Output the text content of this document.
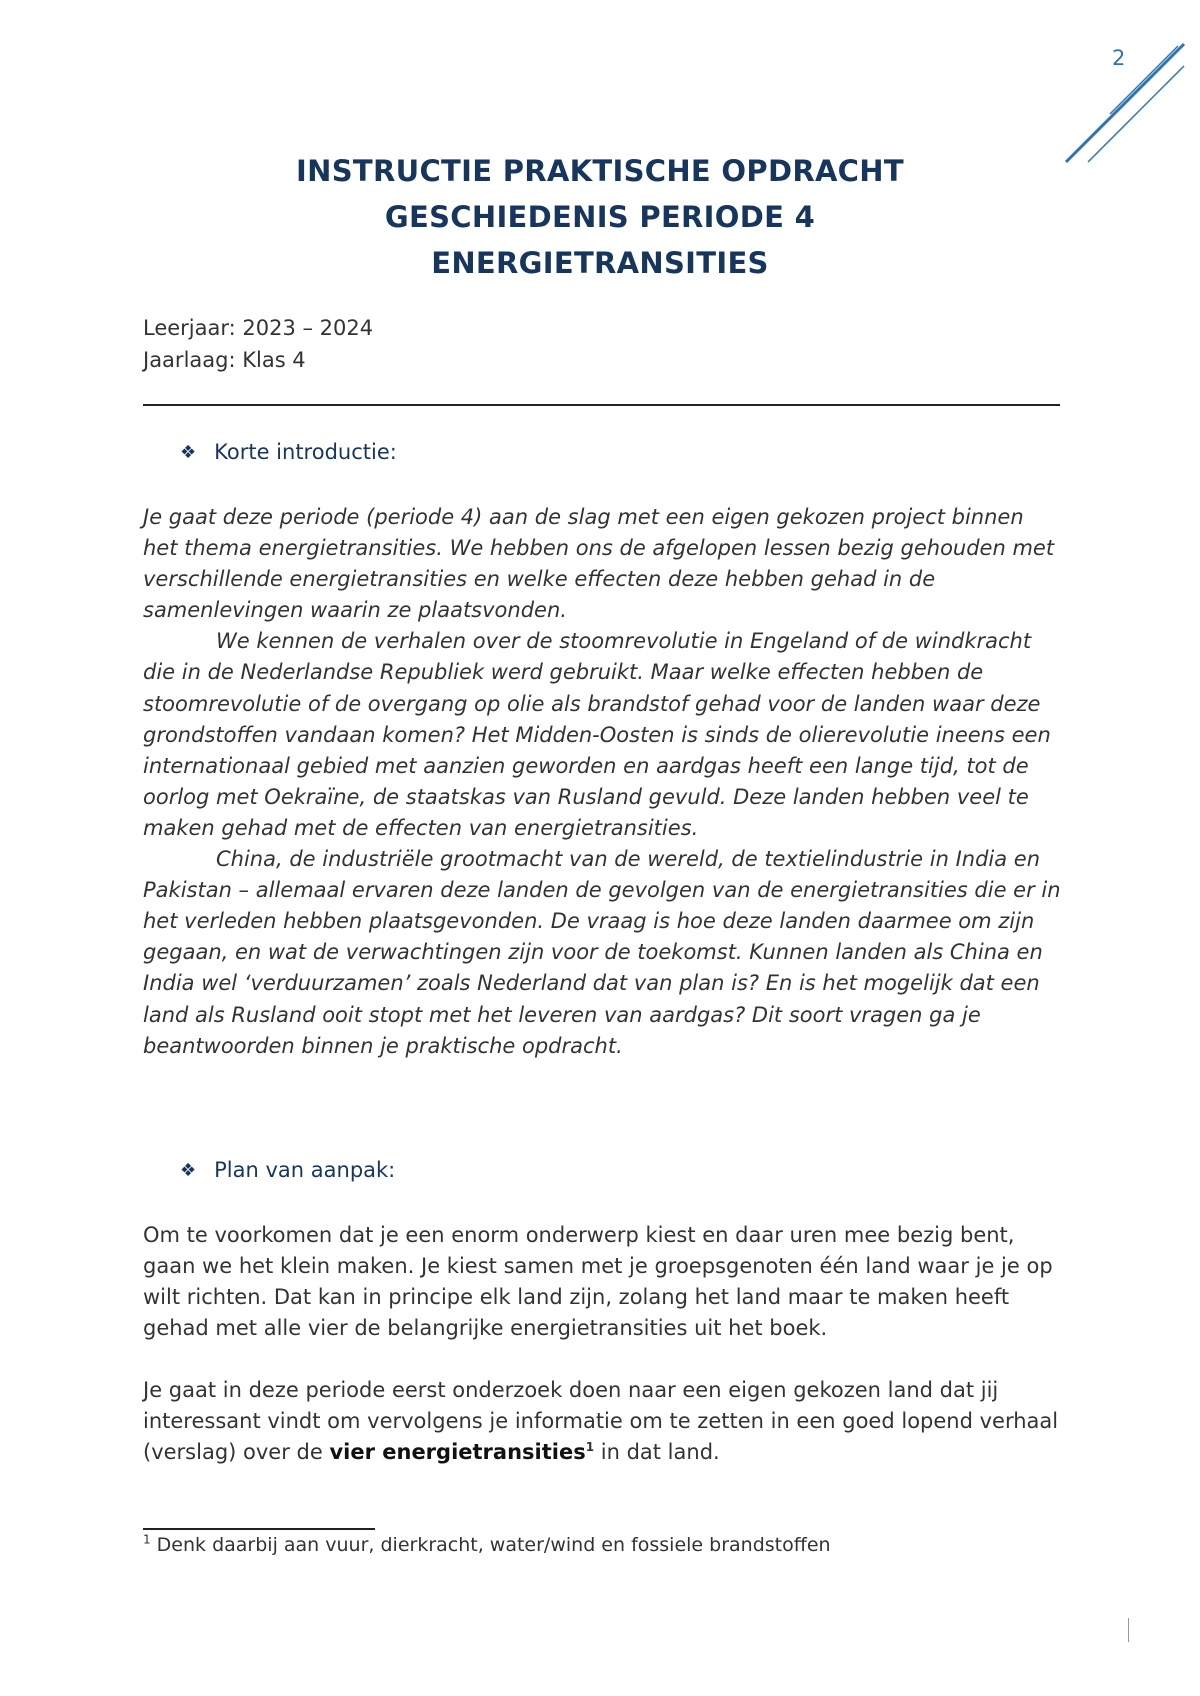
2
INSTRUCTIE PRAKTISCHE OPDRACHT
GESCHIEDENIS PERIODE 4
ENERGIETRANSITIES
Leerjaar: 2023 – 2024
Jaarlaag: Klas 4
❖ Korte introductie:

Je gaat deze periode (periode 4) aan de slag met een eigen gekozen project binnen het thema energietransities. We hebben ons de afgelopen lessen bezig gehouden met verschillende energietransities en welke effecten deze hebben gehad in de samenlevingen waarin ze plaatsvonden.

We kennen de verhalen over de stoomrevolutie in Engeland of de windkracht die in de Nederlandse Republiek werd gebruikt. Maar welke effecten hebben de stoomrevolutie of de overgang op olie als brandstof gehad voor de landen waar deze grondstoffen vandaan komen? Het Midden-Oosten is sinds de olierevolutie ineens een internationaal gebied met aanzien geworden en aardgas heeft een lange tijd, tot de oorlog met Oekraïne, de staatskas van Rusland gevuld. Deze landen hebben veel te maken gehad met de effecten van energietransities.

China, de industriële grootmacht van de wereld, de textielindustrie in India en Pakistan – allemaal ervaren deze landen de gevolgen van de energietransities die er in het verleden hebben plaatsgevonden. De vraag is hoe deze landen daarmee om zijn gegaan, en wat de verwachtingen zijn voor de toekomst. Kunnen landen als China en India wel ‘verduurzamen’ zoals Nederland dat van plan is? En is het mogelijk dat een land als Rusland ooit stopt met het leveren van aardgas? Dit soort vragen ga je beantwoorden binnen je praktische opdracht.

❖ Plan van aanpak:

Om te voorkomen dat je een enorm onderwerp kiest en daar uren mee bezig bent, gaan we het klein maken. Je kiest samen met je groepsgenoten één land waar je je op wilt richten. Dat kan in principe elk land zijn, zolang het land maar te maken heeft gehad met alle vier de belangrijke energietransities uit het boek.

Je gaat in deze periode eerst onderzoek doen naar een eigen gekozen land dat jij interessant vindt om vervolgens je informatie om te zetten in een goed lopend verhaal (verslag) over de vier energietransities$^1$ in dat land.

$^1$ Denk daarbij aan vuur, dierkracht, water/wind en fossiele brandstoffen
